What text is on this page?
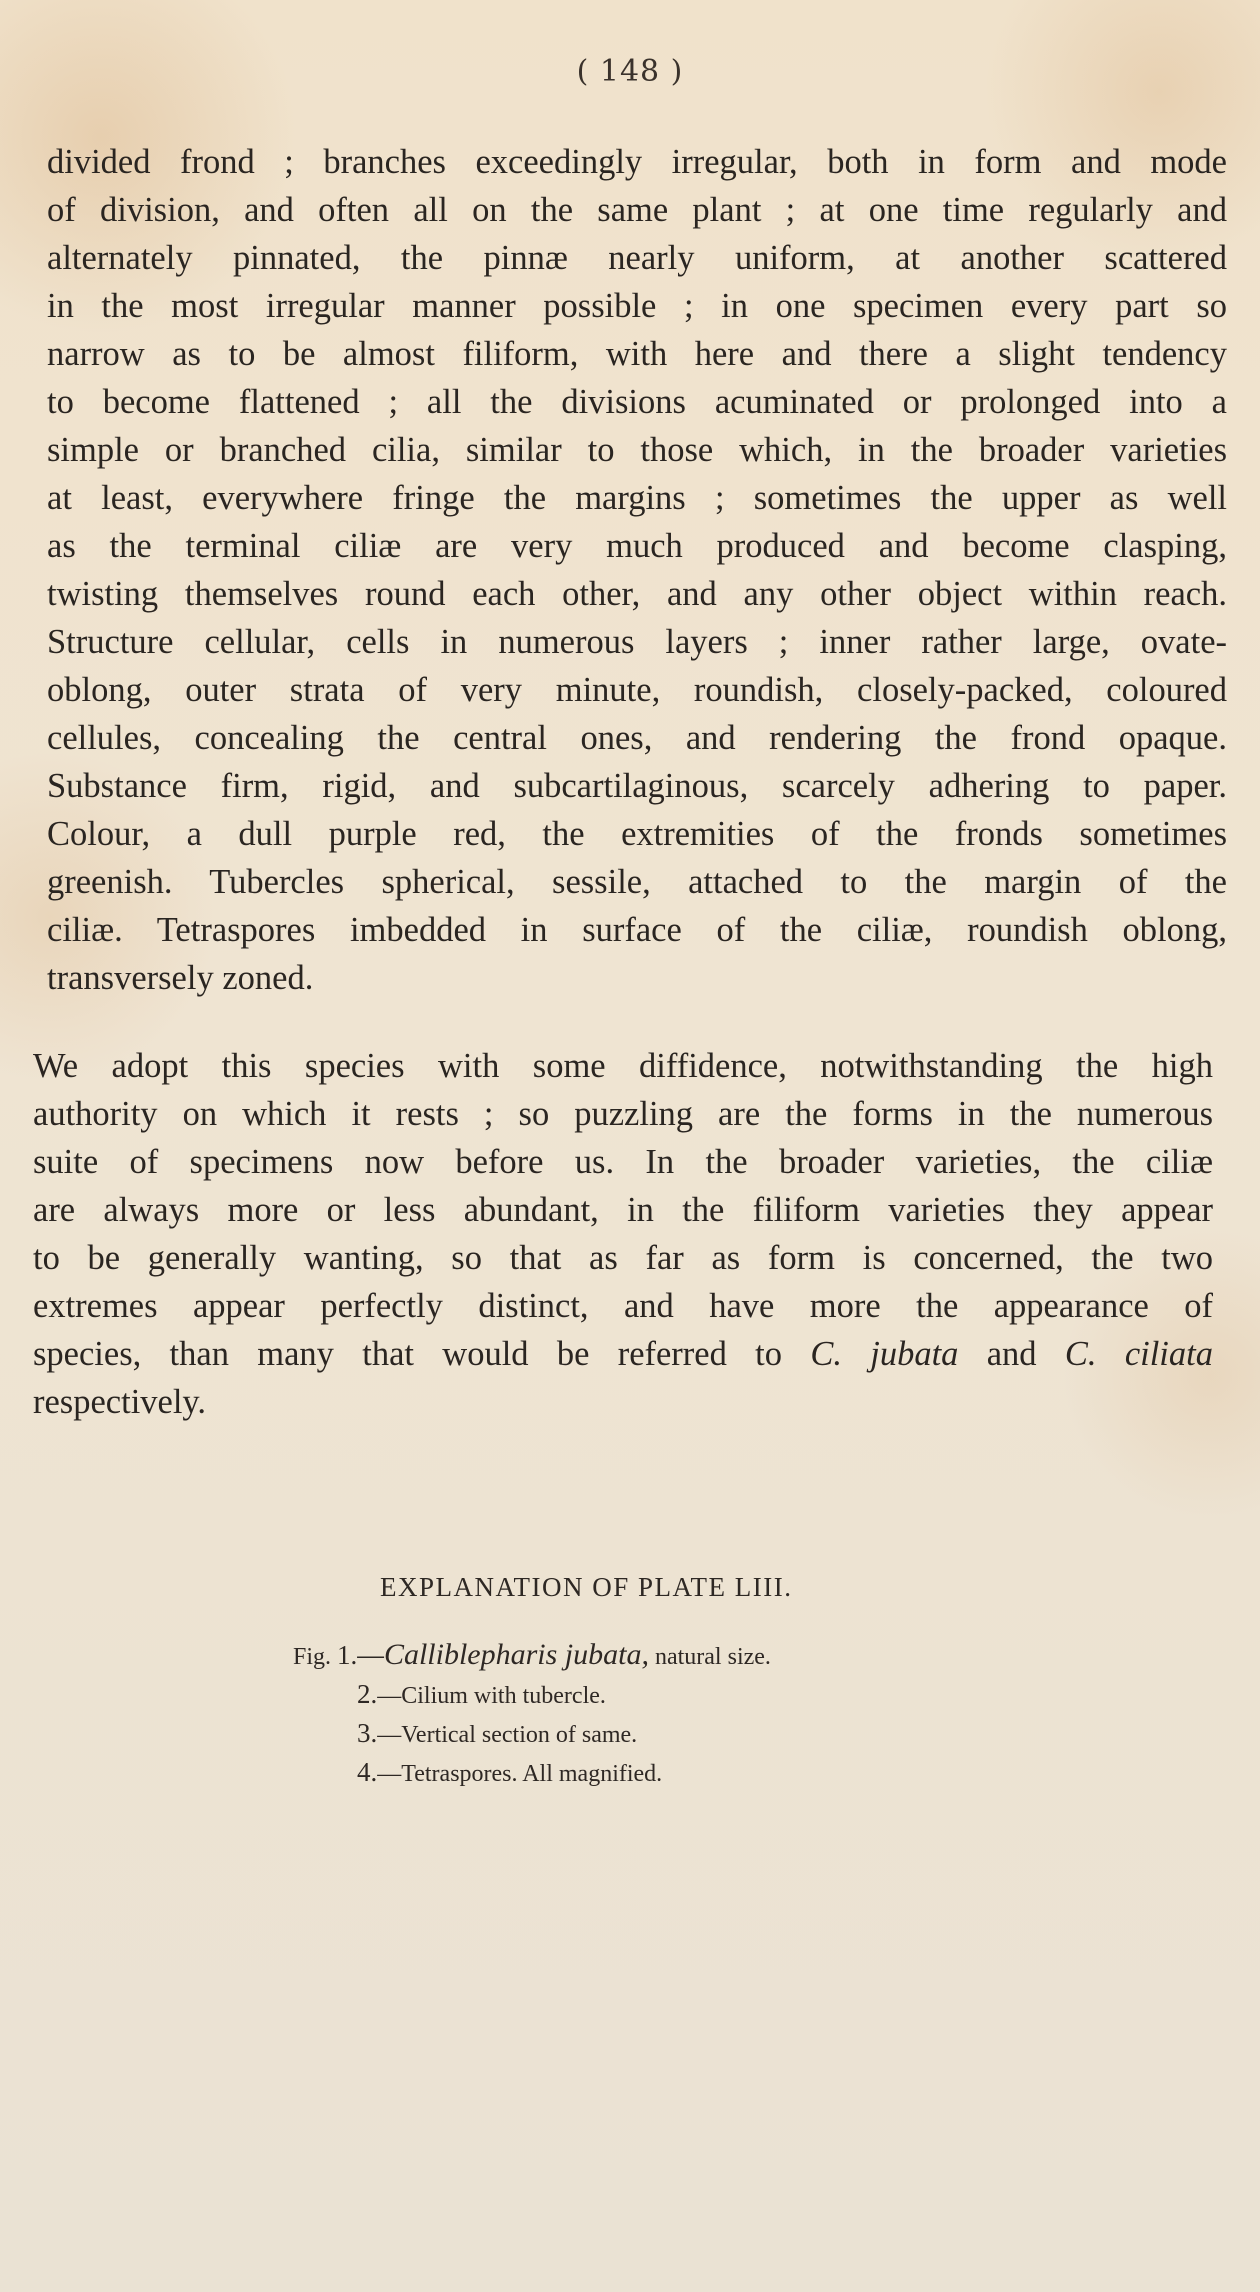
( 148 )
divided frond ; branches exceedingly irregular, both in form and mode
of division, and often all on the same plant ; at one time regularly and
alternately pinnated, the pinnæ nearly uniform, at another scattered
in the most irregular manner possible ; in one specimen every part so
narrow as to be almost filiform, with here and there a slight tendency
to become flattened ; all the divisions acuminated or prolonged into a
simple or branched cilia, similar to those which, in the broader varieties
at least, everywhere fringe the margins ; sometimes the upper as well
as the terminal ciliæ are very much produced and become clasping,
twisting themselves round each other, and any other object within reach.
Structure cellular, cells in numerous layers ; inner rather large, ovate-
oblong, outer strata of very minute, roundish, closely-packed, coloured
cellules, concealing the central ones, and rendering the frond opaque.
Substance firm, rigid, and subcartilaginous, scarcely adhering to paper.
Colour, a dull purple red, the extremities of the fronds sometimes
greenish. Tubercles spherical, sessile, attached to the margin of the
ciliæ. Tetraspores imbedded in surface of the ciliæ, roundish oblong,
transversely zoned.
We adopt this species with some diffidence, notwithstanding the high
authority on which it rests ; so puzzling are the forms in the numerous
suite of specimens now before us. In the broader varieties, the ciliæ
are always more or less abundant, in the filiform varieties they appear
to be generally wanting, so that as far as form is concerned, the two
extremes appear perfectly distinct, and have more the appearance of
species, than many that would be referred to C. jubata and C. ciliata
respectively.
EXPLANATION OF PLATE LIII.
Fig. 1.—Calliblepharis jubata, natural size.
2.—Cilium with tubercle.
3.—Vertical section of same.
4.—Tetraspores. All magnified.
